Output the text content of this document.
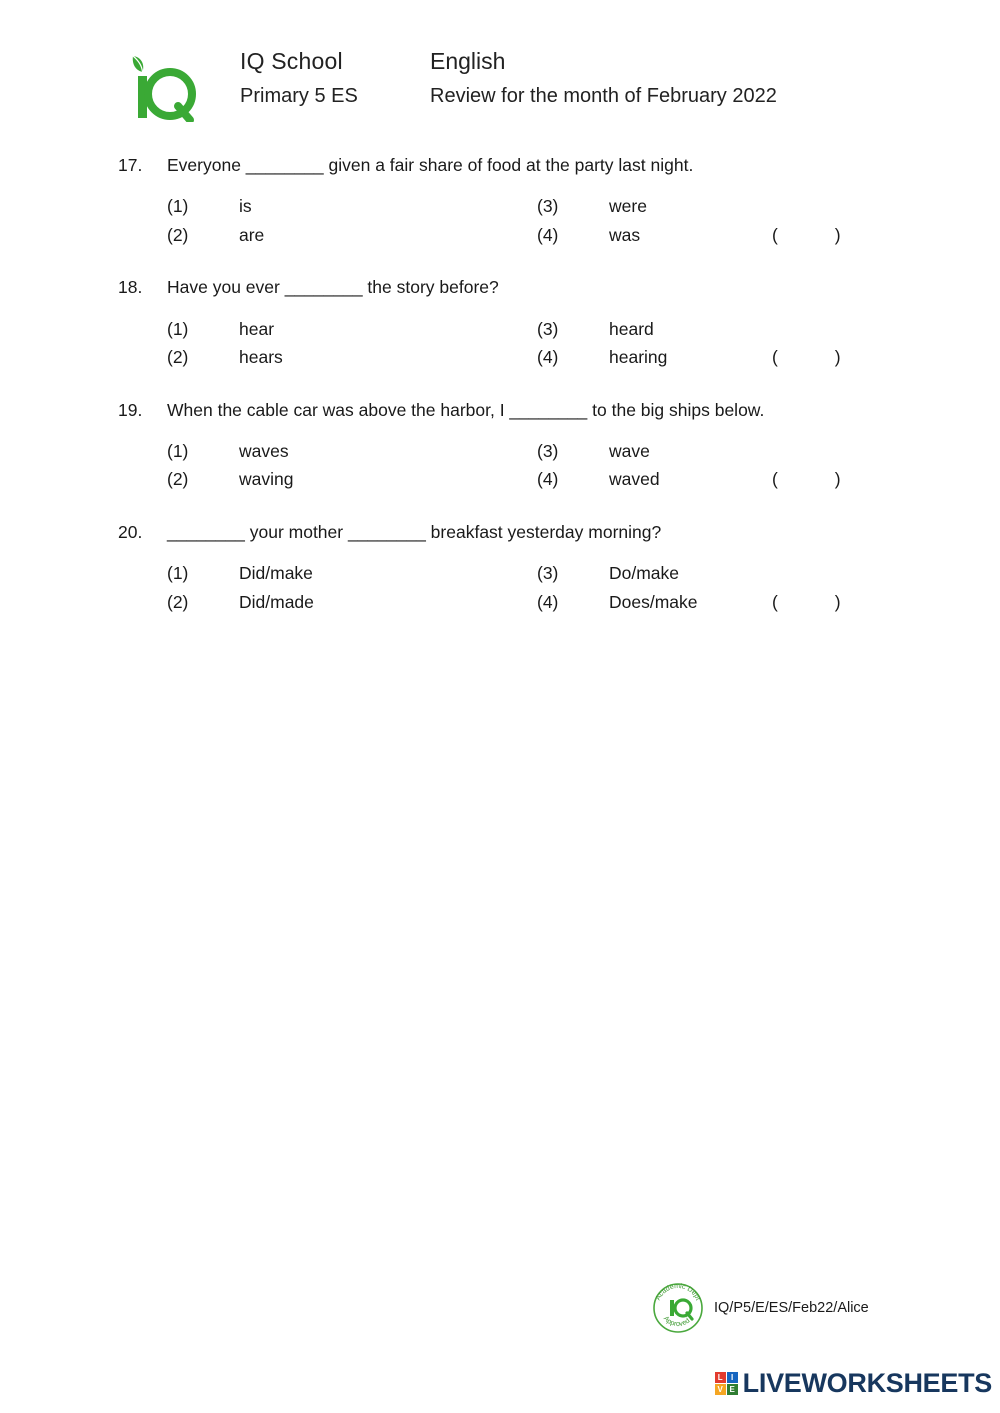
IQ School	English
Primary 5 ES	Review for the month of February 2022
17.	Everyone ________ given a fair share of food at the party last night.
(1)	is	(3)	were
(2)	are	(4)	was	(        )
18.	Have you ever ________ the story before?
(1)	hear	(3)	heard
(2)	hears	(4)	hearing	(        )
19.	When the cable car was above the harbor, I ________ to the big ships below.
(1)	waves	(3)	wave
(2)	waving	(4)	waved	(        )
20.	________ your mother ________ breakfast yesterday morning?
(1)	Did/make	(3)	Do/make
(2)	Did/made	(4)	Does/make	(        )
Academic Dept
Approved
IQ/P5/E/ES/Feb22/Alice
L	I
V E LIVEWORKSHEETS
